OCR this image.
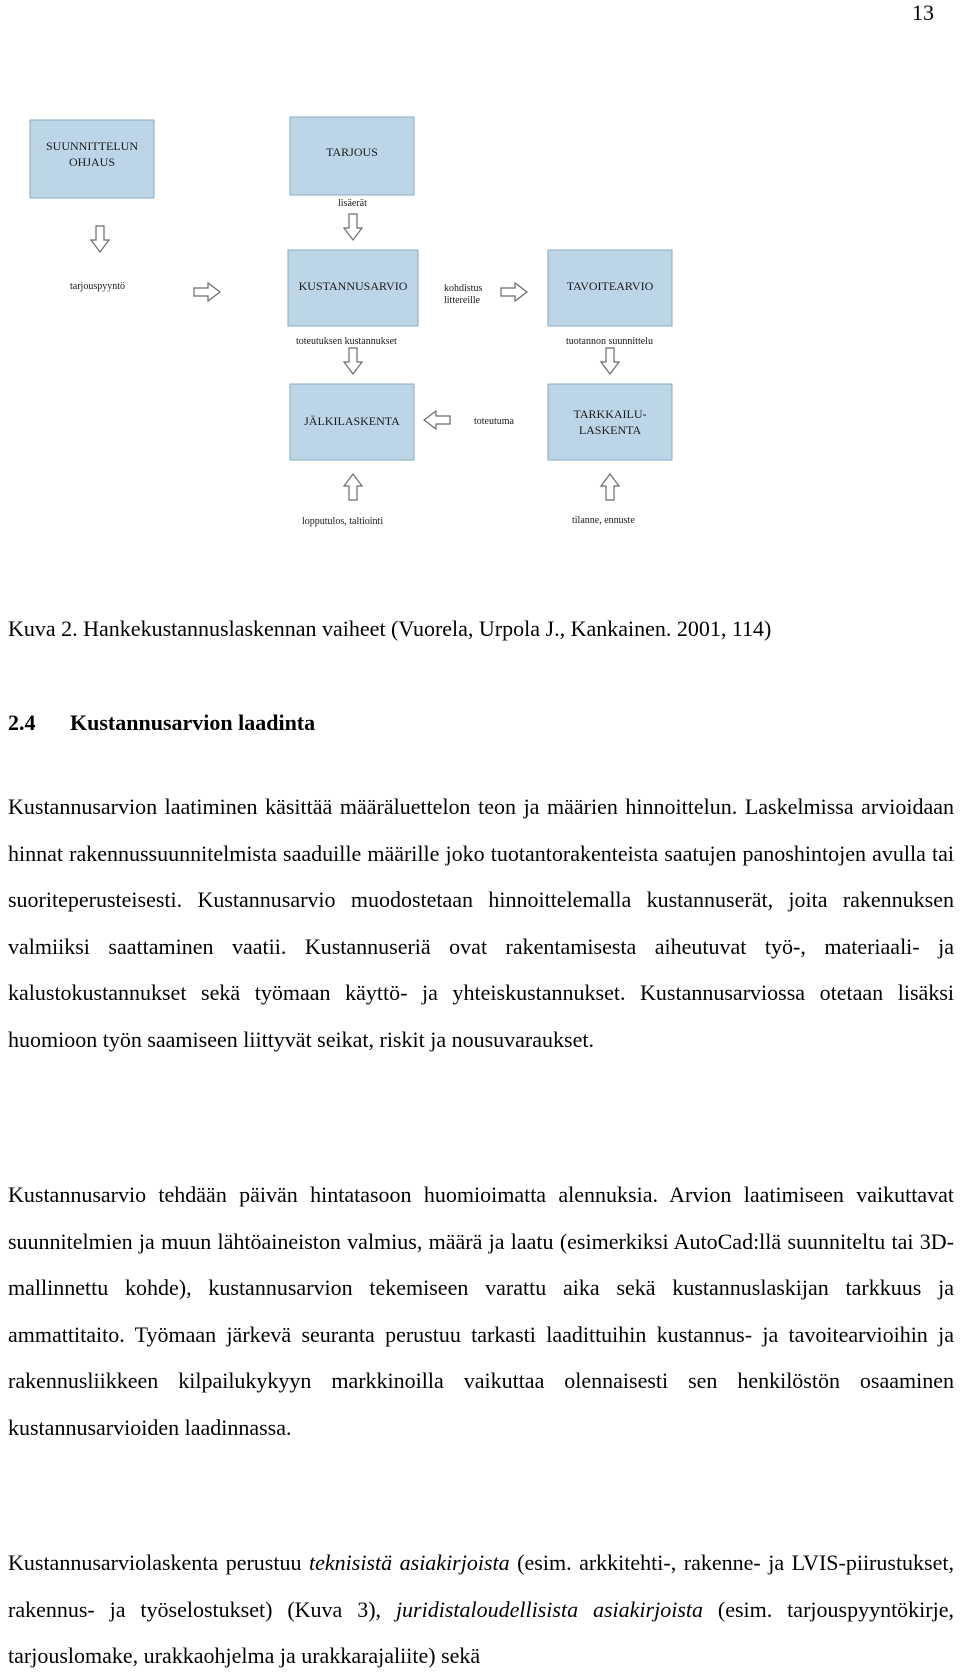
13
SUUNNITTELUN
OHJAUS
TARJOUS
KUSTANNUSARVIO	TAVOITEARVIO
JÄLKILASKENTA	TARKKAILU-
LASKENTA
lisäerät
tarjouspyyntö	kohdistus
littereille
toteutuksen kustannukset	tuotannon suunnittelu
toteutuma
lopputulos, taltiointi	tilanne, ennuste
Kuva 2. Hankekustannuslaskennan vaiheet (Vuorela, Urpola J., Kankainen. 2001, 114)
2.4 Kustannusarvion laadinta

Kustannusarvion laatiminen käsittää määräluettelon teon ja määrien hinnoittelun. Laskelmissa arvioidaan hinnat rakennussuunnitelmista saaduille määrille joko tuotantorakenteista saatujen panoshintojen avulla tai suoriteperusteisesti. Kustannusarvio muodostetaan hinnoittelemalla kustannuserät, joita rakennuksen valmiiksi saattaminen vaatii. Kustannuseriä ovat rakentamisesta aiheutuvat työ-, materiaali- ja kalustokustannukset sekä työmaan käyttö- ja yhteiskustannukset. Kustannusarviossa otetaan lisäksi huomioon työn saamiseen liittyvät seikat, riskit ja nousuvaraukset.

Kustannusarvio tehdään päivän hintatasoon huomioimatta alennuksia. Arvion laatimiseen vaikuttavat suunnitelmien ja muun lähtöaineiston valmius, määrä ja laatu (esimerkiksi AutoCad:llä suunniteltu tai 3D-mallinnettu kohde), kustannusarvion tekemiseen varattu aika sekä kustannuslaskijan tarkkuus ja ammattitaito. Työmaan järkevä seuranta perustuu tarkasti laadittuihin kustannus- ja tavoitearvioihin ja rakennusliikkeen kilpailukykyyn markkinoilla vaikuttaa olennaisesti sen henkilöstön osaaminen kustannusarvioiden laadinnassa.

Kustannusarviolaskenta perustuu teknisistä asiakirjoista (esim. arkkitehti-, rakenne- ja LVIS-piirustukset, rakennus- ja työselostukset) (Kuva 3), juridistaloudellisista asiakirjoista (esim. tarjouspyyntökirje, tarjouslomake, urakkaohjelma ja urakkarajaliite) sekä
